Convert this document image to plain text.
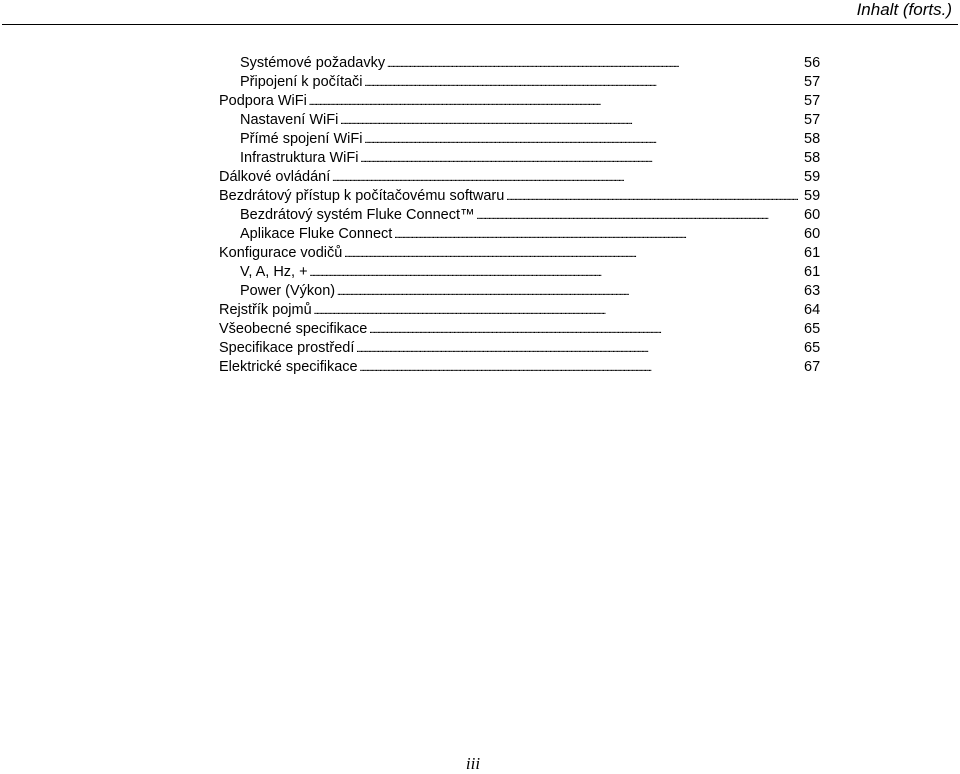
Inhalt (forts.)
Systémové požadavky . . .	56
Připojení k počítači . . .	57
Podpora WiFi . . .	57
Nastavení WiFi . . .	57
Přímé spojení WiFi . . .	58
Infrastruktura WiFi . . .	58
Dálkové ovládání . . .	59
Bezdrátový přístup k počítačovému softwaru . . .	59
Bezdrátový systém Fluke Connect™ . . .	60
Aplikace Fluke Connect . . .	60
Konfigurace vodičů . . .	61
V, A, Hz, + . . .	61
Power (Výkon) . . .	63
Rejstřík pojmů . . .	64
Všeobecné specifikace . . .	65
Specifikace prostředí . . .	65
Elektrické specifikace . . .	67
iii
